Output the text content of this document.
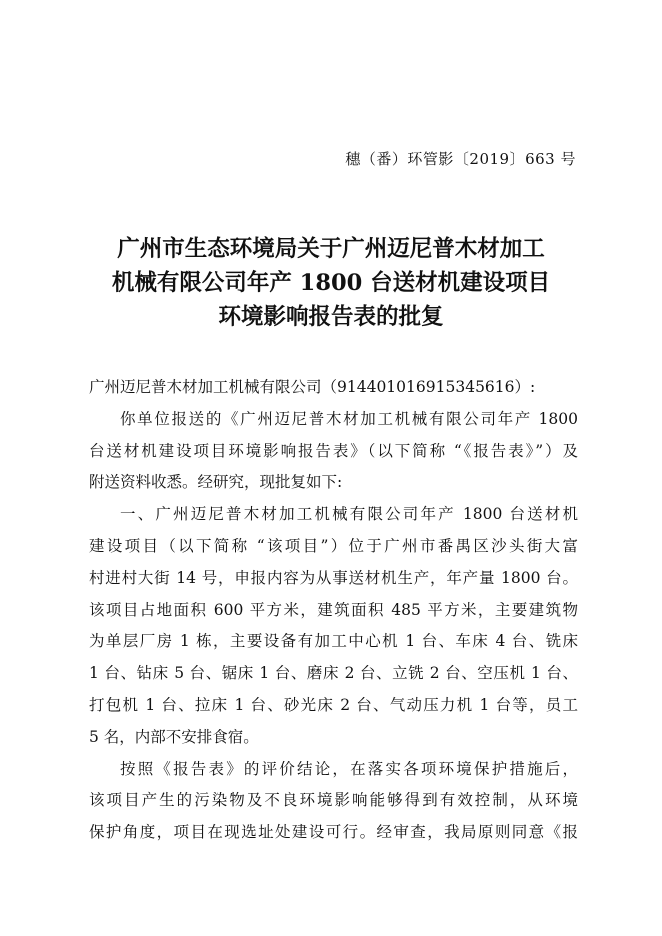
穗（番）环管影〔2019〕663 号
广州市生态环境局关于广州迈尼普木材加工
机械有限公司年产 1800 台送材机建设项目
环境影响报告表的批复

广州迈尼普木材加工机械有限公司（914401016915345616）:

你单位报送的《广州迈尼普木材加工机械有限公司年产 1800
台送材机建设项目环境影响报告表》（以下简称 “《报告表》”）及
附送资料收悉。经研究，现批复如下:

一、广州迈尼普木材加工机械有限公司年产 1800 台送材机
建设项目（以下简称 “该项目”）位于广州市番禺区沙头街大富
村进村大街 14 号，申报内容为从事送材机生产，年产量 1800 台。
该项目占地面积 600 平方米，建筑面积 485 平方米，主要建筑物
为单层厂房 1 栋，主要设备有加工中心机 1 台、车床 4 台、铣床
1 台、钻床 5 台、锯床 1 台、磨床 2 台、立铣 2 台、空压机 1 台、
打包机 1 台、拉床 1 台、砂光床 2 台、气动压力机 1 台等，员工
5 名，内部不安排食宿。

按照《报告表》的评价结论，在落实各项环境保护措施后，
该项目产生的污染物及不良环境影响能够得到有效控制，从环境
保护角度，项目在现选址处建设可行。经审查，我局原则同意《报
